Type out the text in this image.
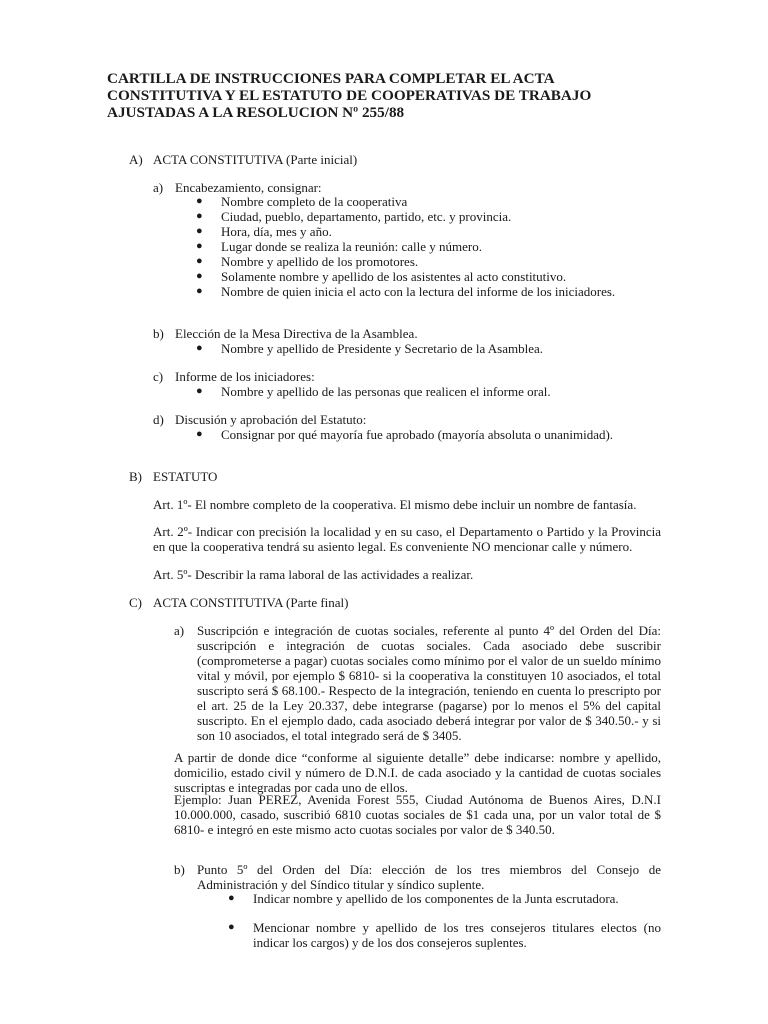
CARTILLA DE INSTRUCCIONES PARA COMPLETAR EL ACTA CONSTITUTIVA Y EL ESTATUTO DE COOPERATIVAS DE TRABAJO AJUSTADAS A LA RESOLUCION Nº 255/88
A) ACTA CONSTITUTIVA (Parte inicial)
a) Encabezamiento, consignar:
● Nombre completo de la cooperativa
● Ciudad, pueblo, departamento, partido, etc. y provincia.
● Hora, día, mes y año.
● Lugar donde se realiza la reunión: calle y número.
● Nombre y apellido de los promotores.
● Solamente nombre y apellido de los asistentes al acto constitutivo.
● Nombre de quien inicia el acto con la lectura del informe de los iniciadores.
b) Elección de la Mesa Directiva de la Asamblea.
● Nombre y apellido de Presidente y Secretario de la Asamblea.
c) Informe de los iniciadores:
● Nombre y apellido de las personas que realicen el informe oral.
d) Discusión y aprobación del Estatuto:
● Consignar por qué mayoría fue aprobado (mayoría absoluta o unanimidad).
B) ESTATUTO
Art. 1º- El nombre completo de la cooperativa. El mismo debe incluir un nombre de fantasía.
Art. 2º- Indicar con precisión la localidad y en su caso, el Departamento o Partido y la Provincia en que la cooperativa tendrá su asiento legal. Es conveniente NO mencionar calle y número.
Art. 5º- Describir la rama laboral de las actividades a realizar.
C) ACTA CONSTITUTIVA (Parte final)
a) Suscripción e integración de cuotas sociales, referente al punto 4º del Orden del Día: suscripción e integración de cuotas sociales. Cada asociado debe suscribir (comprometerse a pagar) cuotas sociales como mínimo por el valor de un sueldo mínimo vital y móvil, por ejemplo $ 6810- si la cooperativa la constituyen 10 asociados, el total suscripto será $ 68.100.- Respecto de la integración, teniendo en cuenta lo prescripto por el art. 25 de la Ley 20.337, debe integrarse (pagarse) por lo menos el 5% del capital suscripto. En el ejemplo dado, cada asociado deberá integrar por valor de $ 340.50.- y si son 10 asociados, el total integrado será de $ 3405.
A partir de donde dice “conforme al siguiente detalle” debe indicarse: nombre y apellido, domicilio, estado civil y número de D.N.I. de cada asociado y la cantidad de cuotas sociales suscriptas e integradas por cada uno de ellos.
Ejemplo: Juan PEREZ, Avenida Forest 555, Ciudad Autónoma de Buenos Aires, D.N.I 10.000.000, casado, suscribió 6810 cuotas sociales de $1 cada una, por un valor total de $ 6810- e integró en este mismo acto cuotas sociales por valor de $ 340.50.
b) Punto 5º del Orden del Día: elección de los tres miembros del Consejo de Administración y del Síndico titular y síndico suplente.
● Indicar nombre y apellido de los componentes de la Junta escrutadora.
● Mencionar nombre y apellido de los tres consejeros titulares electos (no indicar los cargos) y de los dos consejeros suplentes.
